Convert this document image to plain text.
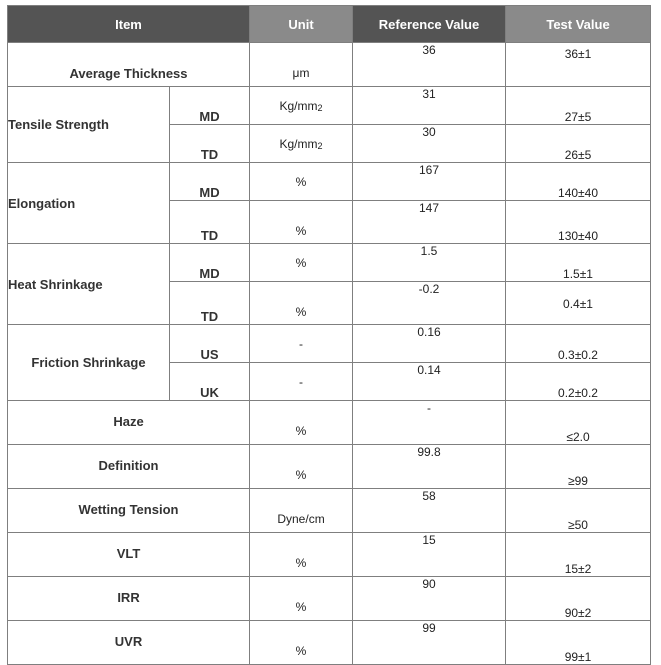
Item		Unit	Reference Value	Test Value
Average Thickness		μm	36	36±1
Tensile Strength	MD	$Kg/mm_2$	31	27±5
	TD	$Kg/mm_2$	30	26±5
Elongation	MD	%	167	140±40
	TD	%	147	130±40
Heat Shrinkage	MD	%	1.5	1.5±1
	TD	%	-0.2	0.4±1
Friction Shrinkage	US	-	0.16	0.3±0.2
	UK	-	0.14	0.2±0.2
Haze		%	-	≤2.0
Definition		%	99.8	≥99
Wetting Tension		Dyne/cm	58	≥50
VLT		%	15	15±2
IRR		%	90	90±2
UVR		%	99	99±1
